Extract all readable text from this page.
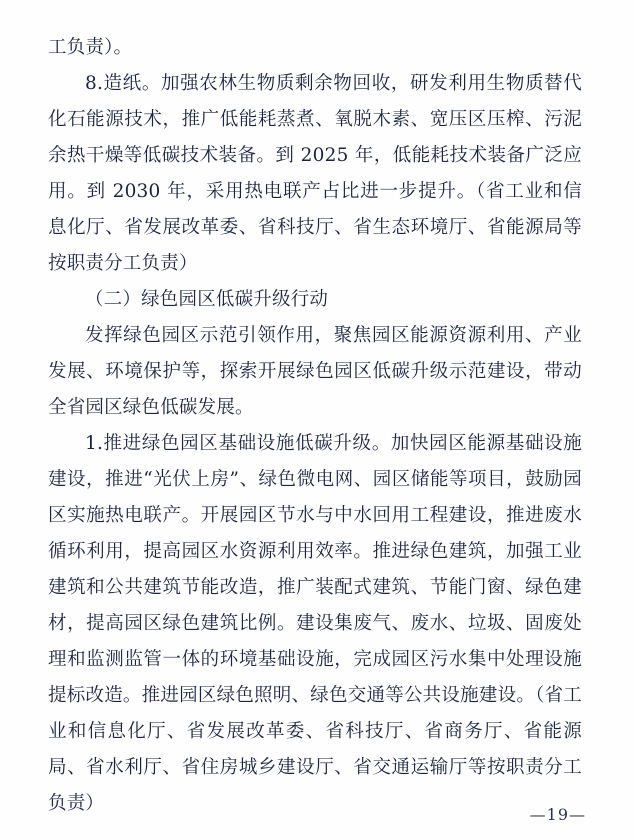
工负责）。

8.造纸。加强农林生物质剩余物回收，研发利用生物质替代化石能源技术，推广低能耗蒸煮、氧脱木素、宽压区压榨、污泥余热干燥等低碳技术装备。到 2025 年，低能耗技术装备广泛应用。到 2030 年，采用热电联产占比进一步提升。（省工业和信息化厅、省发展改革委、省科技厅、省生态环境厅、省能源局等按职责分工负责）

（二）绿色园区低碳升级行动

发挥绿色园区示范引领作用，聚焦园区能源资源利用、产业发展、环境保护等，探索开展绿色园区低碳升级示范建设，带动全省园区绿色低碳发展。

1.推进绿色园区基础设施低碳升级。加快园区能源基础设施建设，推进“光伏上房”、绿色微电网、园区储能等项目，鼓励园区实施热电联产。开展园区节水与中水回用工程建设，推进废水循环利用，提高园区水资源利用效率。推进绿色建筑，加强工业建筑和公共建筑节能改造，推广装配式建筑、节能门窗、绿色建材，提高园区绿色建筑比例。建设集废气、废水、垃圾、固废处理和监测监管一体的环境基础设施，完成园区污水集中处理设施提标改造。推进园区绿色照明、绿色交通等公共设施建设。（省工业和信息化厅、省发展改革委、省科技厅、省商务厅、省能源局、省水利厅、省住房城乡建设厅、省交通运输厅等按职责分工负责）

—19—
